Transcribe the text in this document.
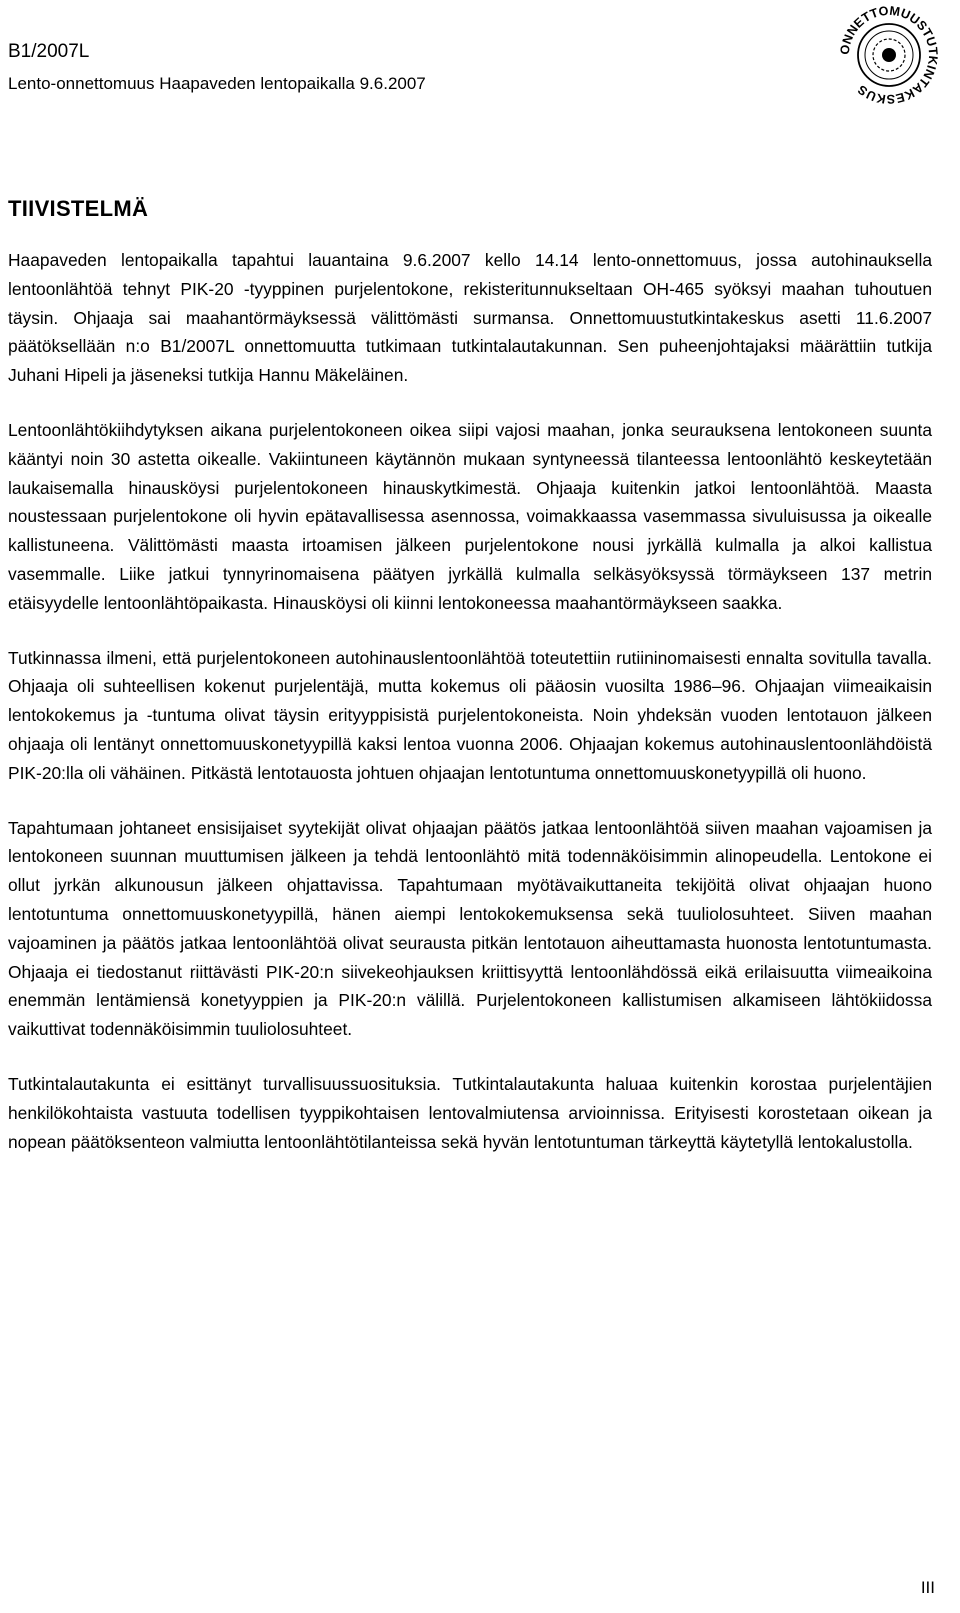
B1/2007L

Lento-onnettomuus Haapaveden lentopaikalla 9.6.2007

ONNETTOMUUSTUTKINTAKESKUS
TIIVISTELMÄ

Haapaveden lentopaikalla tapahtui lauantaina 9.6.2007 kello 14.14 lento-onnettomuus, jossa autohinauksella lentoonlähtöä tehnyt PIK-20 -tyyppinen purjelentokone, rekisteritunnukseltaan OH-465 syöksyi maahan tuhoutuen täysin. Ohjaaja sai maahantörmäyksessä välittömästi surmansa. Onnettomuustutkintakeskus asetti 11.6.2007 päätöksellään n:o B1/2007L onnettomuutta tutkimaan tutkintalautakunnan. Sen puheenjohtajaksi määrättiin tutkija Juhani Hipeli ja jäseneksi tutkija Hannu Mäkeläinen.

Lentoonlähtökiihdytyksen aikana purjelentokoneen oikea siipi vajosi maahan, jonka seurauksena lentokoneen suunta kääntyi noin 30 astetta oikealle. Vakiintuneen käytännön mukaan syntyneessä tilanteessa lentoonlähtö keskeytetään laukaisemalla hinausköysi purjelentokoneen hinauskytkimestä. Ohjaaja kuitenkin jatkoi lentoonlähtöä. Maasta noustessaan purjelentokone oli hyvin epätavallisessa asennossa, voimakkaassa vasemmassa sivuluisussa ja oikealle kallistuneena. Välittömästi maasta irtoamisen jälkeen purjelentokone nousi jyrkällä kulmalla ja alkoi kallistua vasemmalle. Liike jatkui tynnyrinomaisena päätyen jyrkällä kulmalla selkäsyöksyssä törmäykseen 137 metrin etäisyydelle lentoonlähtöpaikasta. Hinausköysi oli kiinni lentokoneessa maahantörmäykseen saakka.

Tutkinnassa ilmeni, että purjelentokoneen autohinauslentoonlähtöä toteutettiin rutiininomaisesti ennalta sovitulla tavalla. Ohjaaja oli suhteellisen kokenut purjelentäjä, mutta kokemus oli pääosin vuosilta 1986–96. Ohjaajan viimeaikaisin lentokokemus ja -tuntuma olivat täysin erityyppisistä purjelentokoneista. Noin yhdeksän vuoden lentotauon jälkeen ohjaaja oli lentänyt onnettomuuskonetyypillä kaksi lentoa vuonna 2006. Ohjaajan kokemus autohinauslentoonlähdöistä PIK-20:lla oli vähäinen. Pitkästä lentotauosta johtuen ohjaajan lentotuntuma onnettomuuskonetyypillä oli huono.

Tapahtumaan johtaneet ensisijaiset syytekijät olivat ohjaajan päätös jatkaa lentoonlähtöä siiven maahan vajoamisen ja lentokoneen suunnan muuttumisen jälkeen ja tehdä lentoonlähtö mitä todennäköisimmin alinopeudella. Lentokone ei ollut jyrkän alkunousun jälkeen ohjattavissa. Tapahtumaan myötävaikuttaneita tekijöitä olivat ohjaajan huono lentotuntuma onnettomuuskonetyypillä, hänen aiempi lentokokemuksensa sekä tuuliolosuhteet. Siiven maahan vajoaminen ja päätös jatkaa lentoonlähtöä olivat seurausta pitkän lentotauon aiheuttamasta huonosta lentotuntumasta. Ohjaaja ei tiedostanut riittävästi PIK-20:n siivekeohjauksen kriittisyyttä lentoonlähdössä eikä erilaisuutta viimeaikoina enemmän lentämiensä konetyyppien ja PIK-20:n välillä. Purjelentokoneen kallistumisen alkamiseen lähtökiidossa vaikuttivat todennäköisimmin tuuliolosuhteet.

Tutkintalautakunta ei esittänyt turvallisuussuosituksia. Tutkintalautakunta haluaa kuitenkin korostaa purjelentäjien henkilökohtaista vastuuta todellisen tyyppikohtaisen lentovalmiutensa arvioinnissa. Erityisesti korostetaan oikean ja nopean päätöksenteon valmiutta lentoonlähtötilanteissa sekä hyvän lentotuntuman tärkeyttä käytetyllä lentokalustolla.

III
